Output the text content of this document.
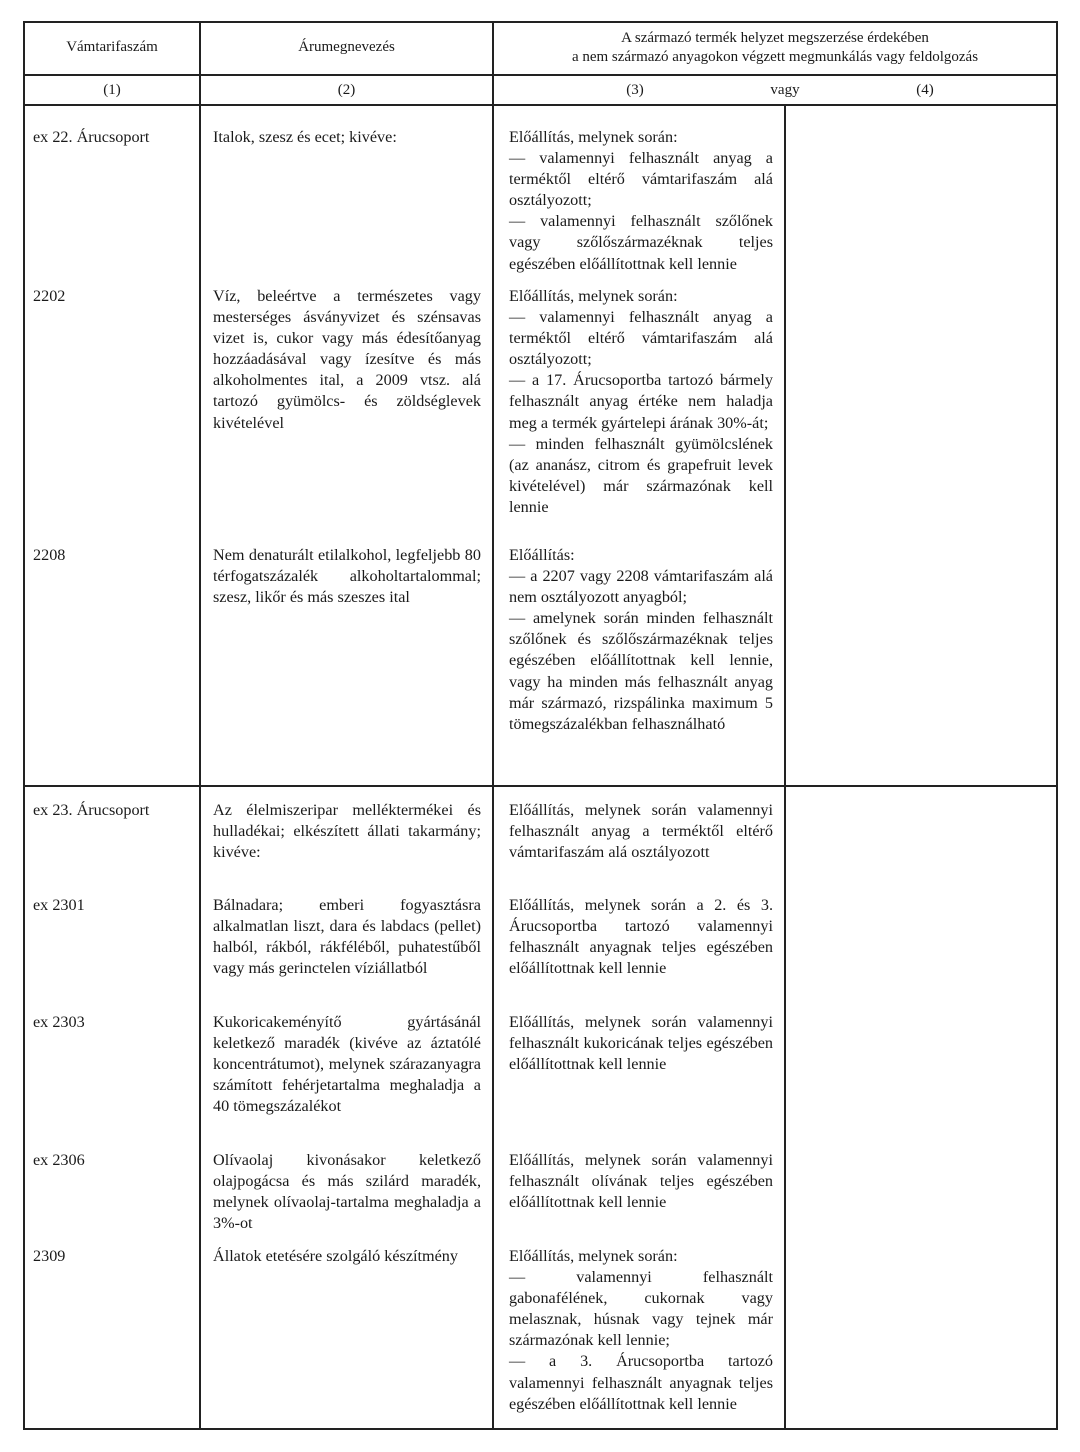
Vámtarifaszám	Árumegnevezés
A származó termék helyzet megszerzése érdekében
a nem származó anyagokon végzett megmunkálás vagy feldolgozás
(1)	(2)	(3)	vagy	(4)
ex 22. Árucsoport	Italok, szesz és ecet; kivéve:	Előállítás, melynek során:

— valamennyi felhasznált anyag a terméktől eltérő vámtarifaszám alá osztályozott;

— valamennyi felhasznált szőlőnek vagy szőlőszármazéknak teljes egészében előállítottnak kell lennie

2202	Víz, beleértve a természetes vagy mesterséges ásványvizet és szénsavas vizet is, cukor vagy más édesítőanyag hozzáadásával vagy ízesítve és más alkoholmentes ital, a 2009 vtsz. alá tartozó gyümölcs- és zöldséglevek kivételével

Előállítás, melynek során:

— valamennyi felhasznált anyag a terméktől eltérő vámtarifaszám alá osztályozott;

— a 17. Árucsoportba tartozó bármely felhasznált anyag értéke nem haladja meg a termék gyártelepi árának 30%-át;

— minden felhasznált gyümölcslének (az ananász, citrom és grapefruit levek kivételével) már származónak kell lennie

2208	Nem denaturált etilalkohol, legfeljebb 80 térfogatszázalék alkoholtartalommal; szesz, likőr és más szeszes ital

Előállítás:

— a 2207 vagy 2208 vámtarifaszám alá nem osztályozott anyagból;

— amelynek során minden felhasznált szőlőnek és szőlőszármazéknak teljes egészében előállítottnak kell lennie, vagy ha minden más felhasznált anyag már származó, rizspálinka maximum 5 tömegszázalékban felhasználható

ex 23. Árucsoport	Az élelmiszeripar melléktermékei és hulladékai; elkészített állati takarmány; kivéve:

Előállítás, melynek során valamennyi felhasznált anyag a terméktől eltérő vámtarifaszám alá osztályozott

ex 2301	Bálnadara; emberi fogyasztásra alkalmatlan liszt, dara és labdacs (pellet) halból, rákból, rákféléből, puhatestűből vagy más gerinctelen víziállatból

Előállítás, melynek során a 2. és 3. Árucsoportba tartozó valamennyi felhasznált anyagnak teljes egészében előállítottnak kell lennie

ex 2303	Kukoricakeményítő gyártásánál keletkező maradék (kivéve az áztatólé koncentrátumot), melynek szárazanyagra számított fehérjetartalma meghaladja a 40 tömegszázalékot

Előállítás, melynek során valamennyi felhasznált kukoricának teljes egészében előállítottnak kell lennie

ex 2306	Olívaolaj kivonásakor keletkező olajpogácsa és más szilárd maradék, melynek olívaolaj-tartalma meghaladja a 3%-ot

Előállítás, melynek során valamennyi felhasznált olívának teljes egészében előállítottnak kell lennie

2309	Állatok etetésére szolgáló készítmény	Előállítás, melynek során:

— valamennyi felhasznált gabonafélének, cukornak vagy melasznak, húsnak vagy tejnek már származónak kell lennie;

— a 3. Árucsoportba tartozó valamennyi felhasznált anyagnak teljes egészében előállítottnak kell lennie
